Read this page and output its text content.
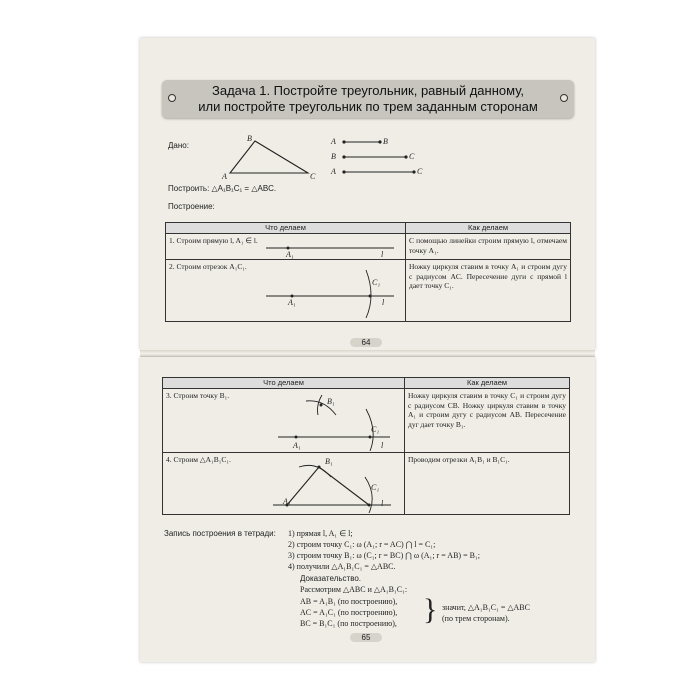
Задача 1. Постройте треугольник, равный данному,
или постройте треугольник по трем заданным сторонам
Дано:
B
A	C
A	B
B	C
A	C
Построить: △A₁B₁C₁ = △ABC.
Построение:
Что делаем	Как делаем
1. Строим прямую l, A₁ ∈ l.
A₁ l	С помощью линейки строим прямую l, отмечаем точку A₁.
2. Строим отрезок A₁C₁.
A₁
C₁
l	Ножку циркуля ставим в точку A₁ и строим дугу с радиусом AC. Пересечение дуги с прямой l дает точку C₁.
64
Что делаем	Как делаем
3. Строим точку B₁.
B₁
A₁
C₁
l	Ножку циркуля ставим в точку C₁ и строим дугу с радиусом CB. Ножку циркуля ставим в точку A₁ и строим дугу с радиусом AB. Пересечение дуг дает точку B₁.
4. Строим △A₁B₁C₁. B₁
A₁
C₁
l	Проводим отрезки A₁B₁ и B₁C₁.
Запись построения в тетради: 1) прямая l, A₁ ∈ l;
2) строим точку C₁: ω (A₁; r = AC) ⋂ l = C₁;
3) строим точку B₁: ω (C₁; r = BC) ⋂ ω (A₁; r = AB) = B₁;
4) получили △A₁B₁C₁ = △ABC.
Доказательство.
Рассмотрим △ABC и △A₁B₁C₁:
AB = A₁B₁ (по построению),
AC = A₁C₁ (по построению),
BC = B₁C₁ (по построению), } значит, △A₁B₁C₁ = △ABC
(по трем сторонам).
65
